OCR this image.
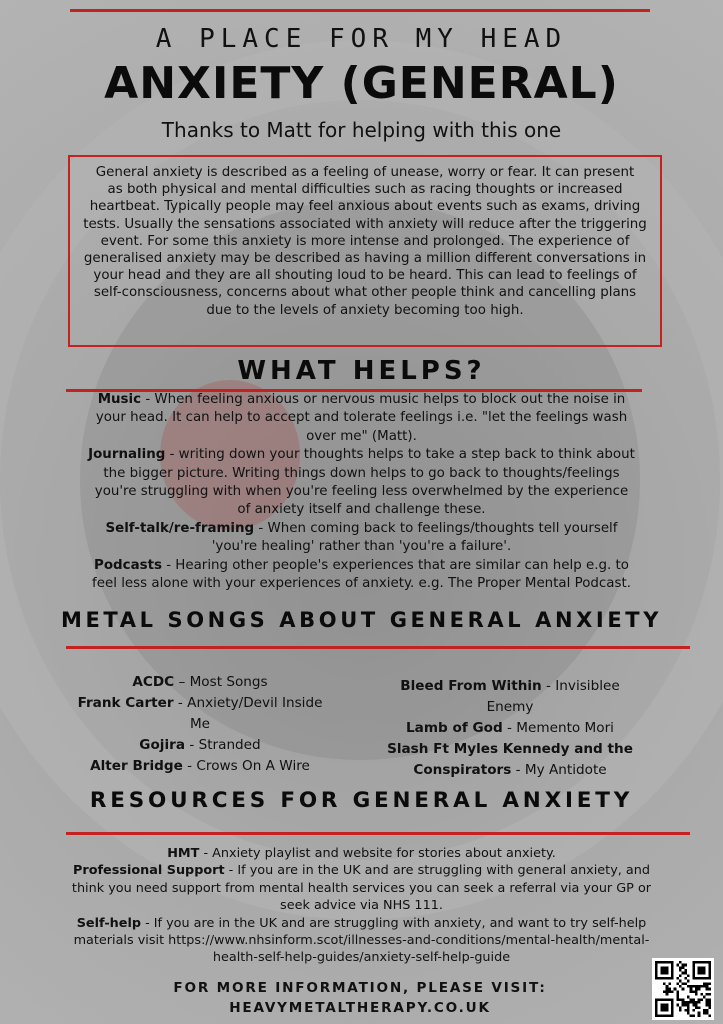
A PLACE FOR MY HEAD
ANXIETY (GENERAL)
Thanks to Matt for helping with this one
General anxiety is described as a feeling of unease, worry or fear. It can present
as both physical and mental difficulties such as racing thoughts or increased
heartbeat. Typically people may feel anxious about events such as exams, driving
tests. Usually the sensations associated with anxiety will reduce after the triggering
event. For some this anxiety is more intense and prolonged. The experience of
generalised anxiety may be described as having a million different conversations in
your head and they are all shouting loud to be heard. This can lead to feelings of
self-consciousness, concerns about what other people think and cancelling plans
due to the levels of anxiety becoming too high.
WHAT HELPS?
Music - When feeling anxious or nervous music helps to block out the noise in
your head. It can help to accept and tolerate feelings i.e. "let the feelings wash
over me" (Matt).
Journaling - writing down your thoughts helps to take a step back to think about
the bigger picture. Writing things down helps to go back to thoughts/feelings
you're struggling with when you're feeling less overwhelmed by the experience
of anxiety itself and challenge these.
Self-talk/re-framing - When coming back to feelings/thoughts tell yourself
'you're healing' rather than 'you're a failure'.
Podcasts - Hearing other people's experiences that are similar can help e.g. to
feel less alone with your experiences of anxiety. e.g. The Proper Mental Podcast.
METAL SONGS ABOUT GENERAL ANXIETY
ACDC – Most Songs
Frank Carter - Anxiety/Devil Inside
Me
Gojira - Stranded
Alter Bridge - Crows On A Wire
Bleed From Within - Invisiblee
Enemy
Lamb of God - Memento Mori
Slash Ft Myles Kennedy and the
Conspirators - My Antidote
RESOURCES FOR GENERAL ANXIETY
HMT - Anxiety playlist and website for stories about anxiety.
Professional Support - If you are in the UK and are struggling with general anxiety, and
think you need support from mental health services you can seek a referral via your GP or
seek advice via NHS 111.
Self-help - If you are in the UK and are struggling with anxiety, and want to try self-help
materials visit https://www.nhsinform.scot/illnesses-and-conditions/mental-health/mental-
health-self-help-guides/anxiety-self-help-guide
FOR MORE INFORMATION, PLEASE VISIT:
HEAVYMETALTHERAPY.CO.UK
